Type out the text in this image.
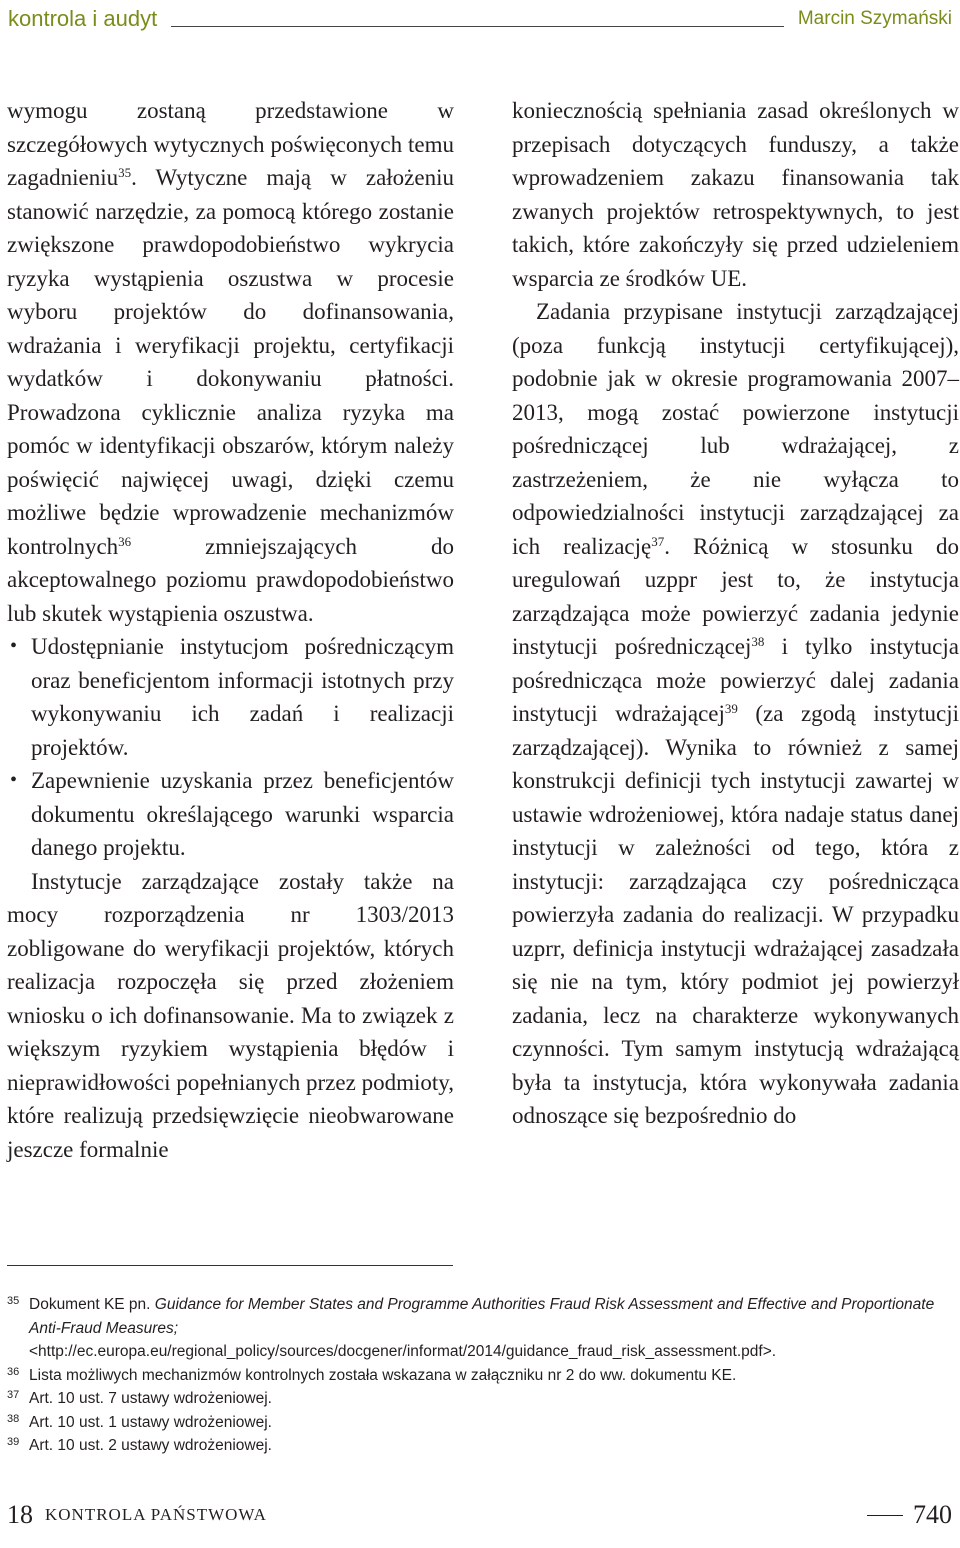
kontrola i audyt	Marcin Szymański

wymogu zostaną przedstawione w szczegółowych wytycznych poświęconych temu zagadnieniu$^{35}$. Wytyczne mają w założeniu stanowić narzędzie, za pomocą którego zostanie zwiększone prawdopodobieństwo wykrycia ryzyka wystąpienia oszustwa w procesie wyboru projektów do dofinansowania, wdrażania i weryfikacji projektu, certyfikacji wydatków i dokonywaniu płatności. Prowadzona cyklicznie analiza ryzyka ma pomóc w identyfikacji obszarów, którym należy poświęcić najwięcej uwagi, dzięki czemu możliwe będzie wprowadzenie mechanizmów kontrolnych$^{36}$ zmniejszających do akceptowalnego poziomu prawdopodobieństwo lub skutek wystąpienia oszustwa.

• Udostępnianie instytucjom pośredniczącym oraz beneficjentom informacji istotnych przy wykonywaniu ich zadań i realizacji projektów.
• Zapewnienie uzyskania przez beneficjentów dokumentu określającego warunki wsparcia danego projektu.

Instytucje zarządzające zostały także na mocy rozporządzenia nr 1303/2013 zobligowane do weryfikacji projektów, których realizacja rozpoczęła się przed złożeniem wniosku o ich dofinansowanie. Ma to związek z większym ryzykiem wystąpienia błędów i nieprawidłowości popełnianych przez podmioty, które realizują przedsięwzięcie nieobwarowane jeszcze formalnie

koniecznością spełniania zasad określonych w przepisach dotyczących funduszy, a także wprowadzeniem zakazu finansowania tak zwanych projektów retrospektywnych, to jest takich, które zakończyły się przed udzieleniem wsparcia ze środków UE.

Zadania przypisane instytucji zarządzającej (poza funkcją instytucji certyfikującej), podobnie jak w okresie programowania 2007–2013, mogą zostać powierzone instytucji pośredniczącej lub wdrażającej, z zastrzeżeniem, że nie wyłącza to odpowiedzialności instytucji zarządzającej za ich realizację$^{37}$. Różnicą w stosunku do uregulowań uzppr jest to, że instytucja zarządzająca może powierzyć zadania jedynie instytucji pośredniczącej$^{38}$ i tylko instytucja pośrednicząca może powierzyć dalej zadania instytucji wdrażającej$^{39}$ (za zgodą instytucji zarządzającej). Wynika to również z samej konstrukcji definicji tych instytucji zawartej w ustawie wdrożeniowej, która nadaje status danej instytucji w zależności od tego, która z instytucji: zarządzająca czy pośrednicząca powierzyła zadania do realizacji. W przypadku uzprr, definicja instytucji wdrażającej zasadzała się nie na tym, który podmiot jej powierzył zadania, lecz na charakterze wykonywanych czynności. Tym samym instytucją wdrażającą była ta instytucja, która wykonywała zadania odnoszące się bezpośrednio do

35 Dokument KE pn. Guidance for Member States and Programme Authorities Fraud Risk Assessment and Effective and Proportionate Anti-Fraud Measures;
<http://ec.europa.eu/regional_policy/sources/docgener/informat/2014/guidance_fraud_risk_assessment.pdf>.
36 Lista możliwych mechanizmów kontrolnych została wskazana w załączniku nr 2 do ww. dokumentu KE.
37 Art. 10 ust. 7 ustawy wdrożeniowej.
38 Art. 10 ust. 1 ustawy wdrożeniowej.
39 Art. 10 ust. 2 ustawy wdrożeniowej.
18 KONTROLA PAŃSTWOWA	740
